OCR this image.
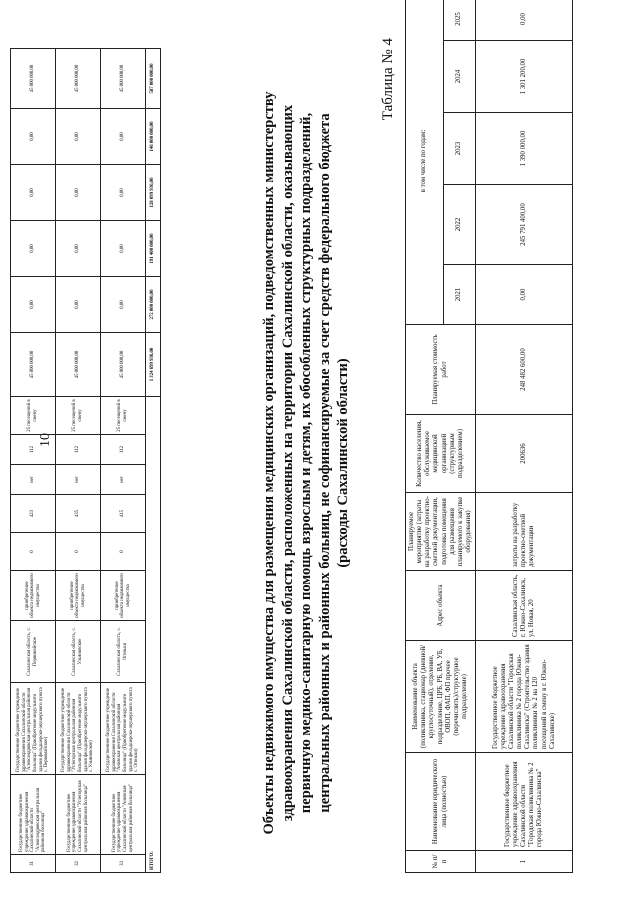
10
31	Государственное бюджетное учреждение здравоохранения Сахалинской области "Александровская центральная районная больница"	Государственное бюджетное учреждение здравоохранения Сахалинской области "Александровская центральная районная больница" (Приобретение модульного здания фельдшерско-акушерского пункта с. Первомайское)	Сахалинская область, с. Первомайское	приобретение объекта недвижимого имущества	0	423	нет	112	25 посещений в смену	45 000 000,00	0,00	0,00	0,00	0,00	45 000 000,00
32	Государственное бюджетное учреждение здравоохранения Сахалинской области "Углегорская центральная районная больница"	Государственное бюджетное учреждение здравоохранения Сахалинской области "Углегорская центральная районная больница" (Приобретение модульного здания фельдшерско-акушерского пункта с. Ульяновское)	Сахалинская область, с. Ульяновское	приобретение объекта недвижимого имущества	0	435	нет	112	25 посещений в смену	45 000 000,00	0,00	0,00	0,00	0,00	45 000 000,00
33	Государственное бюджетное учреждение здравоохранения Сахалинской области "Анивская центральная районная больница"	Государственное бюджетное учреждение здравоохранения Сахалинской области "Анивская центральная районная больница" (Приобретение модульного здания фельдшерско-акушерского пункта с. Огоньки)	Сахалинская область, с. Огоньки	приобретение объекта недвижимого имущества	0	415	нет	112	25 посещений в смену	45 000 000,00	0,00	0,00	0,00	0,00	45 000 000,00
ИТОГО:										1 324 699 936,00	272 000 000,00	191 400 000,00	128 099 936,00	146 000 000,00	587 000 000,00
Объекты недвижимого имущества для размещения медицинских организаций, подведомственных министерству здравоохранения Сахалинской области, расположенных на территории Сахалинской области, оказывающих первичную медико-санитарную помощь взрослым и детям, их обособленных структурных подразделений, центральных районных и районных больниц, не софинансируемые за счет средств федерального бюджета (расходы Сахалинской области)
Таблица № 4
№ п/п	Наименование юридического лица (полностью)	Наименование объекта (поликлиника, стационар (дневной/круглосуточный), отделение, подразделение, ЦРБ, РБ, ВА, УБ, ОВОП, ФАП, ФП прочее (перечислить)/структурное подразделение)	Адрес объекта	Планируемое мероприятие (затраты на разработку проектно-сметной документации, подготовка помещения для размещения планируемого к закупке оборудования)	Количество населения, обслуживаемое медицинской организацией (структурным подразделением)	Планируемая стоимость работ	в том числе по годам:				
							2021	2022	2023	2024	2025
1	Государственное бюджетное учреждение здравоохранения Сахалинской области "Городская поликлиника № 2 города Южно-Сахалинска"	Государственное бюджетное учреждение здравоохранения Сахалинской области "Городская поликлиника № 2 города Южно-Сахалинска" (Строительство здания поликлиники № 2 на 120 посещений в смену в г. Южно-Сахалинске)	Сахалинская область, г. Южно-Сахалинск, ул. Новая, 20	затраты на разработку проектно-сметной документации	200636	248 482 600,00	0,00	245 791 400,00	1 390 000,00	1 301 200,00	0,00
